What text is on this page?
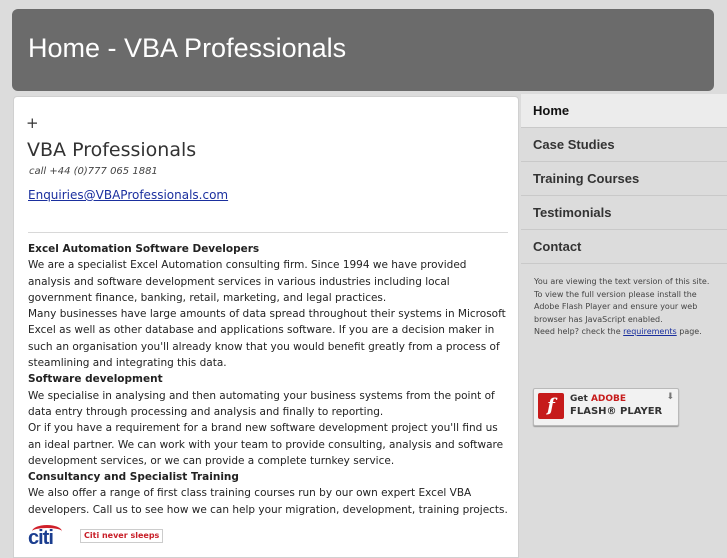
Home - VBA Professionals
+
VBA Professionals
call +44 (0)777 065 1881
Enquiries@VBAProfessionals.com

Excel Automation Software Developers

We are a specialist Excel Automation consulting firm. Since 1994 we have provided analysis and software development services in various industries including local government finance, banking, retail, marketing, and legal practices.

Many businesses have large amounts of data spread throughout their systems in Microsoft Excel as well as other database and applications software. If you are a decision maker in such an organisation you'll already know that you would benefit greatly from a process of steamlining and integrating this data.

Software development

We specialise in analysing and then automating your business systems from the point of data entry through processing and analysis and finally to reporting.

Or if you have a requirement for a brand new software development project you'll find us an ideal partner. We can work with your team to provide consulting, analysis and software development services, or we can provide a complete turnkey service.

Consultancy and Specialist Training

We also offer a range of first class training courses run by our own expert Excel VBA developers. Call us to see how we can help your migration, development, training projects.

citi	Citi never sleeps
Home
Case Studies
Training Courses
Testimonials
Contact

You are viewing the text version of this site.

To view the full version please install the Adobe Flash Player and ensure your web browser has JavaScript enabled.

Need help? check the requirements page.

f	Get ADOBE
FLASH® PLAYER
⬇
